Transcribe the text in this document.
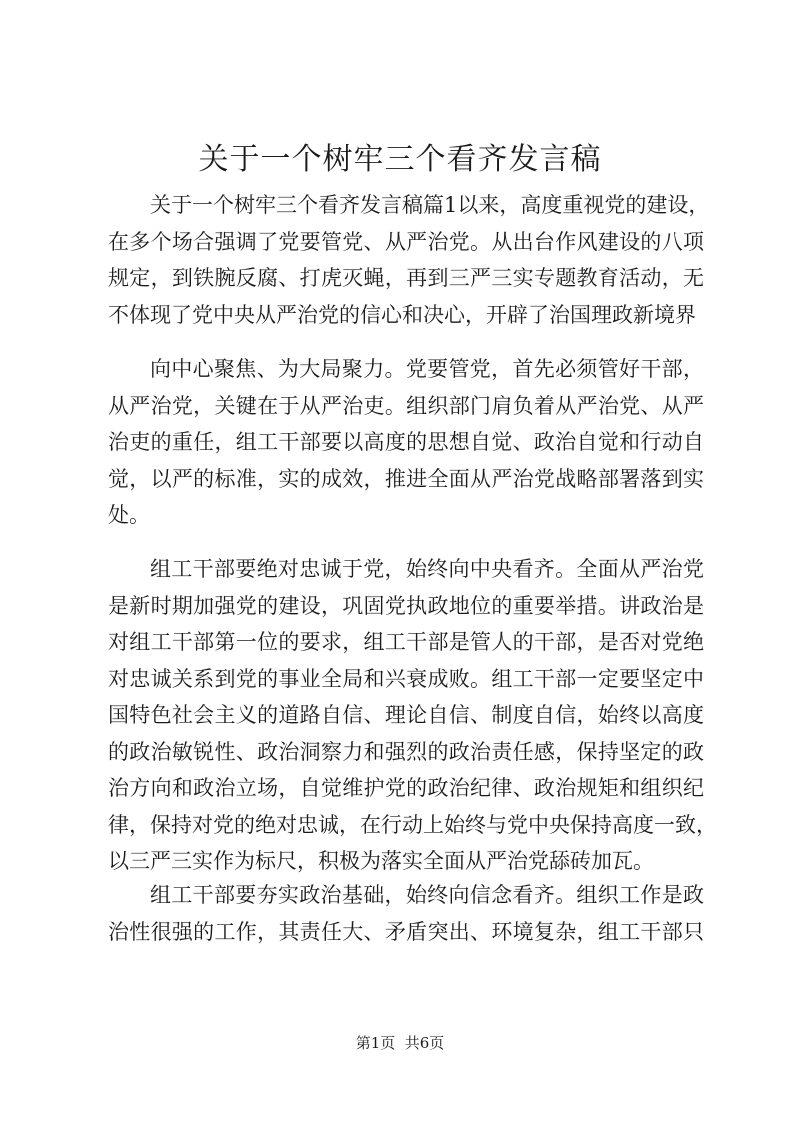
关于一个树牢三个看齐发言稿
关于一个树牢三个看齐发言稿篇1以来，高度重视党的建设，
在多个场合强调了党要管党、从严治党。从出台作风建设的八项
规定，到铁腕反腐、打虎灭蝇，再到三严三实专题教育活动，无
不体现了党中央从严治党的信心和决心，开辟了治国理政新境界
向中心聚焦、为大局聚力。党要管党，首先必须管好干部，
从严治党，关键在于从严治吏。组织部门肩负着从严治党、从严
治吏的重任，组工干部要以高度的思想自觉、政治自觉和行动自
觉，以严的标准，实的成效，推进全面从严治党战略部署落到实
处。
组工干部要绝对忠诚于党，始终向中央看齐。全面从严治党
是新时期加强党的建设，巩固党执政地位的重要举措。讲政治是
对组工干部第一位的要求，组工干部是管人的干部，是否对党绝
对忠诚关系到党的事业全局和兴衰成败。组工干部一定要坚定中
国特色社会主义的道路自信、理论自信、制度自信，始终以高度
的政治敏锐性、政治洞察力和强烈的政治责任感，保持坚定的政
治方向和政治立场，自觉维护党的政治纪律、政治规矩和组织纪
律，保持对党的绝对忠诚，在行动上始终与党中央保持高度一致，
以三严三实作为标尺，积极为落实全面从严治党舔砖加瓦。
组工干部要夯实政治基础，始终向信念看齐。组织工作是政
治性很强的工作，其责任大、矛盾突出、环境复杂，组工干部只
第1页  共6页
